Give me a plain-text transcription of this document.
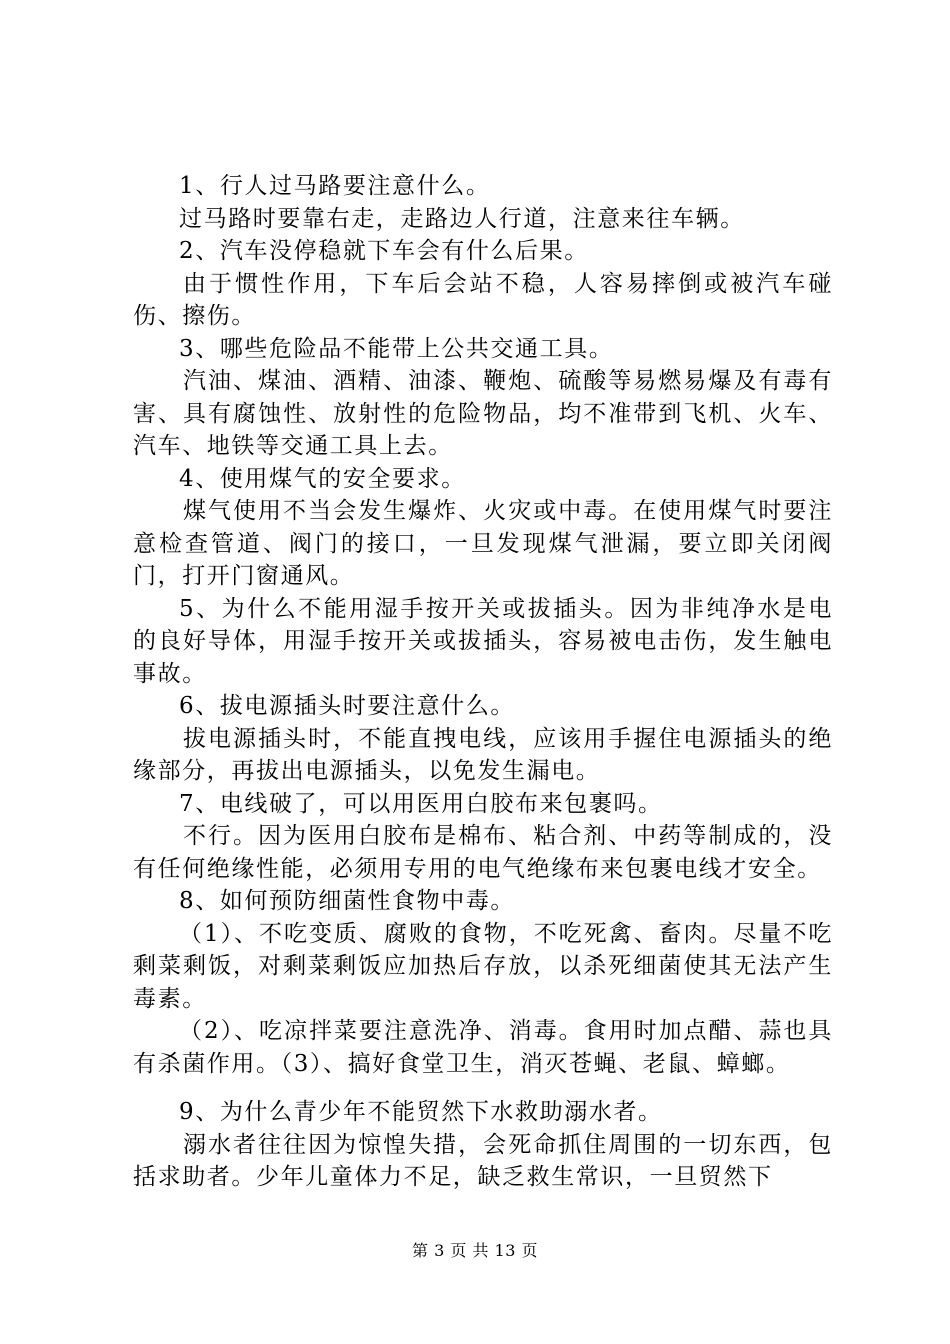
1、行人过马路要注意什么。

过马路时要靠右走，走路边人行道，注意来往车辆。

2、汽车没停稳就下车会有什么后果。

由于惯性作用，下车后会站不稳，人容易摔倒或被汽车碰伤、擦伤。

3、哪些危险品不能带上公共交通工具。

汽油、煤油、酒精、油漆、鞭炮、硫酸等易燃易爆及有毒有害、具有腐蚀性、放射性的危险物品，均不准带到飞机、火车、汽车、地铁等交通工具上去。

4、使用煤气的安全要求。

煤气使用不当会发生爆炸、火灾或中毒。在使用煤气时要注意检查管道、阀门的接口，一旦发现煤气泄漏，要立即关闭阀门，打开门窗通风。

5、为什么不能用湿手按开关或拔插头。因为非纯净水是电的良好导体，用湿手按开关或拔插头，容易被电击伤，发生触电事故。

6、拔电源插头时要注意什么。

拔电源插头时，不能直拽电线，应该用手握住电源插头的绝缘部分，再拔出电源插头，以免发生漏电。

7、电线破了，可以用医用白胶布来包裹吗。

不行。因为医用白胶布是棉布、粘合剂、中药等制成的，没有任何绝缘性能，必须用专用的电气绝缘布来包裹电线才安全。

8、如何预防细菌性食物中毒。

（1）、不吃变质、腐败的食物，不吃死禽、畜肉。尽量不吃剩菜剩饭，对剩菜剩饭应加热后存放，以杀死细菌使其无法产生毒素。

（2）、吃凉拌菜要注意洗净、消毒。食用时加点醋、蒜也具有杀菌作用。（3）、搞好食堂卫生，消灭苍蝇、老鼠、蟑螂。

9、为什么青少年不能贸然下水救助溺水者。

溺水者往往因为惊惶失措，会死命抓住周围的一切东西，包括求助者。少年儿童体力不足，缺乏救生常识，一旦贸然下

第 3 页 共 13 页
